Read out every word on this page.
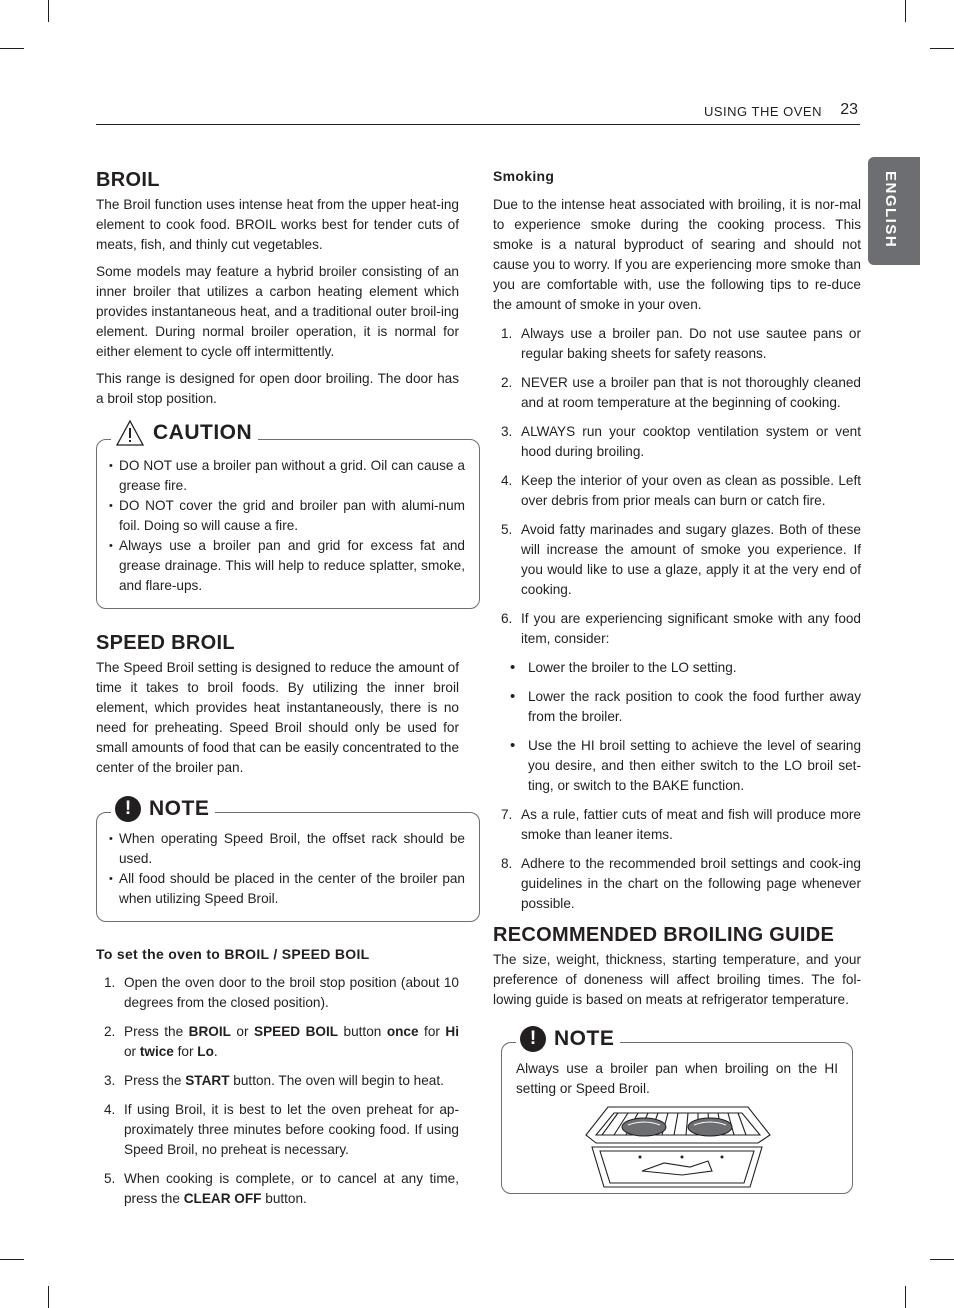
USING THE OVEN 23
ENGLISH
BROIL

The Broil function uses intense heat from the upper heat-ing element to cook food. BROIL works best for tender cuts of meats, fish, and thinly cut vegetables.

Some models may feature a hybrid broiler consisting of an inner broiler that utilizes a carbon heating element which provides instantaneous heat, and a traditional outer broil-ing element. During normal broiler operation, it is normal for either element to cycle off intermittently.

This range is designed for open door broiling. The door has a broil stop position.

CAUTION
• DO NOT use a broiler pan without a grid. Oil can cause a grease fire.
• DO NOT cover the grid and broiler pan with alumi-num foil. Doing so will cause a fire.
• Always use a broiler pan and grid for excess fat and grease drainage. This will help to reduce splatter, smoke, and flare-ups.
SPEED BROIL

The Speed Broil setting is designed to reduce the amount of time it takes to broil foods. By utilizing the inner broil element, which provides heat instantaneously, there is no need for preheating. Speed Broil should only be used for small amounts of food that can be easily concentrated to the center of the broiler pan.

! NOTE
• When operating Speed Broil, the offset rack should be used.
• All food should be placed in the center of the broiler pan when utilizing Speed Broil.
To set the oven to BROIL / SPEED BOIL
1. Open the oven door to the broil stop position (about 10 degrees from the closed position).
2. Press the BROIL or SPEED BOIL button once for Hi or twice for Lo.
3. Press the START button. The oven will begin to heat.
4. If using Broil, it is best to let the oven preheat for ap-proximately three minutes before cooking food. If using Speed Broil, no preheat is necessary.
5. When cooking is complete, or to cancel at any time, press the CLEAR OFF button.
Smoking

Due to the intense heat associated with broiling, it is nor-mal to experience smoke during the cooking process. This smoke is a natural byproduct of searing and should not cause you to worry. If you are experiencing more smoke than you are comfortable with, use the following tips to re-duce the amount of smoke in your oven.

1. Always use a broiler pan. Do not use sautee pans or regular baking sheets for safety reasons.
2. NEVER use a broiler pan that is not thoroughly cleaned and at room temperature at the beginning of cooking.
3. ALWAYS run your cooktop ventilation system or vent hood during broiling.
4. Keep the interior of your oven as clean as possible. Left over debris from prior meals can burn or catch fire.
5. Avoid fatty marinades and sugary glazes. Both of these will increase the amount of smoke you experience. If you would like to use a glaze, apply it at the very end of cooking.
6. If you are experiencing significant smoke with any food item, consider:
• Lower the broiler to the LO setting.
• Lower the rack position to cook the food further away from the broiler.
• Use the HI broil setting to achieve the level of searing you desire, and then either switch to the LO broil set-ting, or switch to the BAKE function.
7. As a rule, fattier cuts of meat and fish will produce more smoke than leaner items.
8. Adhere to the recommended broil settings and cook-ing guidelines in the chart on the following page whenever possible.
RECOMMENDED BROILING GUIDE

The size, weight, thickness, starting temperature, and your preference of doneness will affect broiling times. The fol-lowing guide is based on meats at refrigerator temperature.

! NOTE

Always use a broiler pan when broiling on the HI setting or Speed Broil.
